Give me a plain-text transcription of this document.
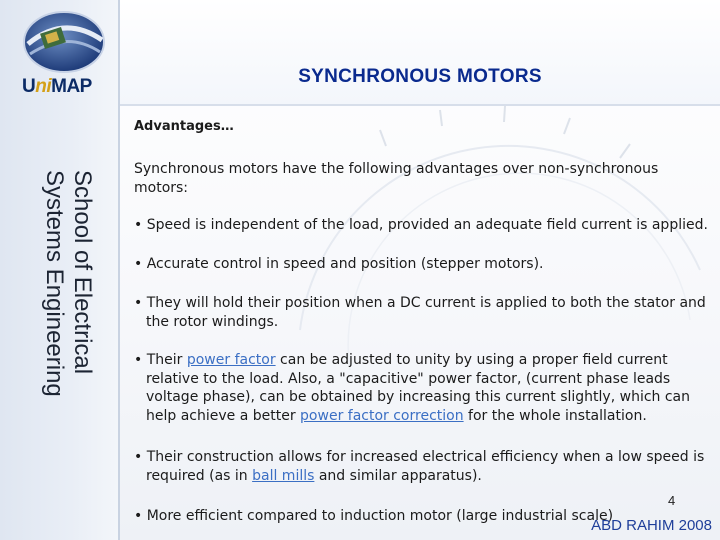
UniMAP	SYNCHRONOUS MOTORS
School of Electrical
Systems Engineering

Advantages…

Synchronous motors have the following advantages over non-synchronous motors:

• Speed is independent of the load, provided an adequate field current is applied.

• Accurate control in speed and position (stepper motors).

• They will hold their position when a DC current is applied to both the stator and the rotor windings.

• Their power factor can be adjusted to unity by using a proper field current relative to the load. Also, a "capacitive" power factor, (current phase leads voltage phase), can be obtained by increasing this current slightly, which can help achieve a better power factor correction for the whole installation.

• Their construction allows for increased electrical efficiency when a low speed is required (as in ball mills and similar apparatus).

• More efficient compared to induction motor (large industrial scale)

4
ABD RAHIM 2008
